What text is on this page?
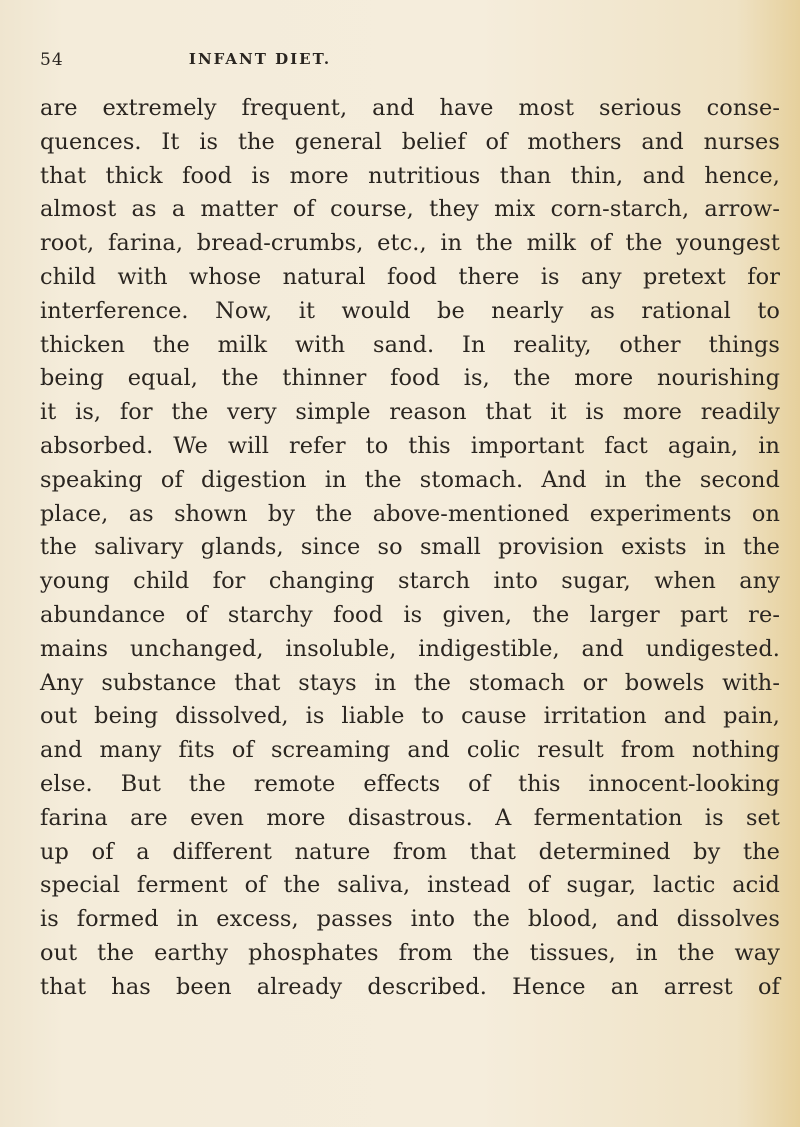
54	INFANT DIET.
are extremely frequent, and have most serious conse-
quences. It is the general belief of mothers and nurses
that thick food is more nutritious than thin, and hence,
almost as a matter of course, they mix corn-starch, arrow-
root, farina, bread-crumbs, etc., in the milk of the youngest
child with whose natural food there is any pretext for
interference. Now, it would be nearly as rational to
thicken the milk with sand. In reality, other things
being equal, the thinner food is, the more nourishing
it is, for the very simple reason that it is more readily
absorbed. We will refer to this important fact again, in
speaking of digestion in the stomach. And in the second
place, as shown by the above-mentioned experiments on
the salivary glands, since so small provision exists in the
young child for changing starch into sugar, when any
abundance of starchy food is given, the larger part re-
mains unchanged, insoluble, indigestible, and undigested.
Any substance that stays in the stomach or bowels with-
out being dissolved, is liable to cause irritation and pain,
and many fits of screaming and colic result from nothing
else. But the remote effects of this innocent-looking
farina are even more disastrous. A fermentation is set
up of a different nature from that determined by the
special ferment of the saliva, instead of sugar, lactic acid
is formed in excess, passes into the blood, and dissolves
out the earthy phosphates from the tissues, in the way
that has been already described. Hence an arrest of
